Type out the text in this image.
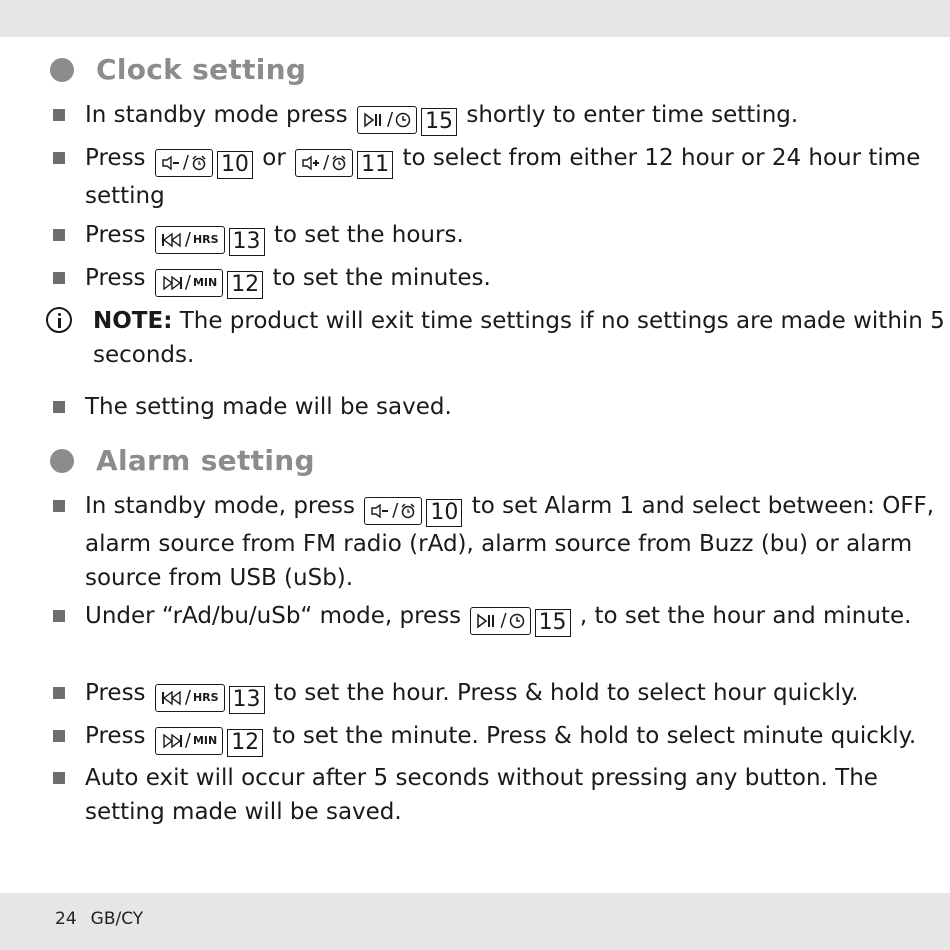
Clock setting
In standby mode press / 15 shortly to enter time setting.
Press / 10 or / 11 to select from either 12 hour or 24 hour time setting
Press / HRS 13 to set the hours.
Press / MIN 12 to set the minutes.
NOTE: The product will exit time settings if no settings are made within 5 seconds.
The setting made will be saved.
Alarm setting
In standby mode, press / 10 to set Alarm 1 and select between: OFF, alarm source from FM radio (rAd), alarm source from Buzz (bu) or alarm source from USB (uSb).
Under “rAd/bu/uSb“ mode, press / 15 , to set the hour and minute.
Press / HRS 13 to set the hour. Press & hold to select hour quickly.
Press / MIN 12 to set the minute. Press & hold to select minute quickly.
Auto exit will occur after 5 seconds without pressing any button. The setting made will be saved.
24 GB/CY
